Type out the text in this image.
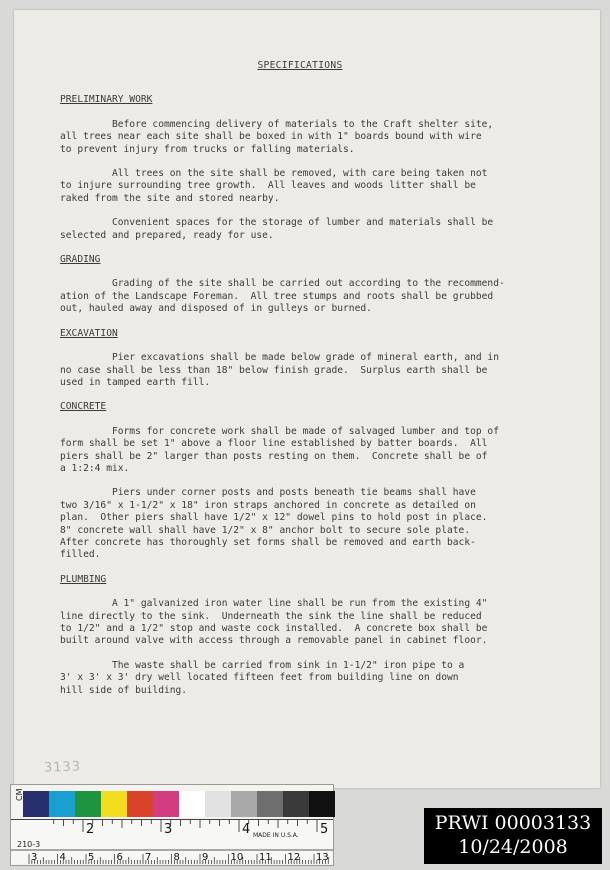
SPECIFICATIONS
PRELIMINARY WORK
Before commencing delivery of materials to the Craft shelter site,
all trees near each site shall be boxed in with 1" boards bound with wire
to prevent injury from trucks or falling materials.
All trees on the site shall be removed, with care being taken not
to injure surrounding tree growth.  All leaves and woods litter shall be
raked from the site and stored nearby.
Convenient spaces for the storage of lumber and materials shall be
selected and prepared, ready for use.
GRADING
Grading of the site shall be carried out according to the recommend-
ation of the Landscape Foreman.  All tree stumps and roots shall be grubbed
out, hauled away and disposed of in gulleys or burned.
EXCAVATION
Pier excavations shall be made below grade of mineral earth, and in
no case shall be less than 18" below finish grade.  Surplus earth shall be
used in tamped earth fill.
CONCRETE
Forms for concrete work shall be made of salvaged lumber and top of
form shall be set 1" above a floor line established by batter boards.  All
piers shall be 2" larger than posts resting on them.  Concrete shall be of
a 1:2:4 mix.
Piers under corner posts and posts beneath tie beams shall have
two 3/16" x 1-1/2" x 18" iron straps anchored in concrete as detailed on
plan.  Other piers shall have 1/2" x 12" dowel pins to hold post in place.
8" concrete wall shall have 1/2" x 8" anchor bolt to secure sole plate.
After concrete has thoroughly set forms shall be removed and earth back-
filled.
PLUMBING
A 1" galvanized iron water line shall be run from the existing 4"
line directly to the sink.  Underneath the sink the line shall be reduced
to 1/2" and a 1/2" stop and waste cock installed.  A concrete box shall be
built around valve with access through a removable panel in cabinet floor.
The waste shall be carried from sink in 1-1/2" iron pipe to a
3' x 3' x 3' dry well located fifteen feet from building line on down
hill side of building.
3133
2	3	4	5
3 4 5 6 7 8 9 10 11 12 13
210-3
MADE IN U.S.A.
CM
PRWI 00003133
10/24/2008
